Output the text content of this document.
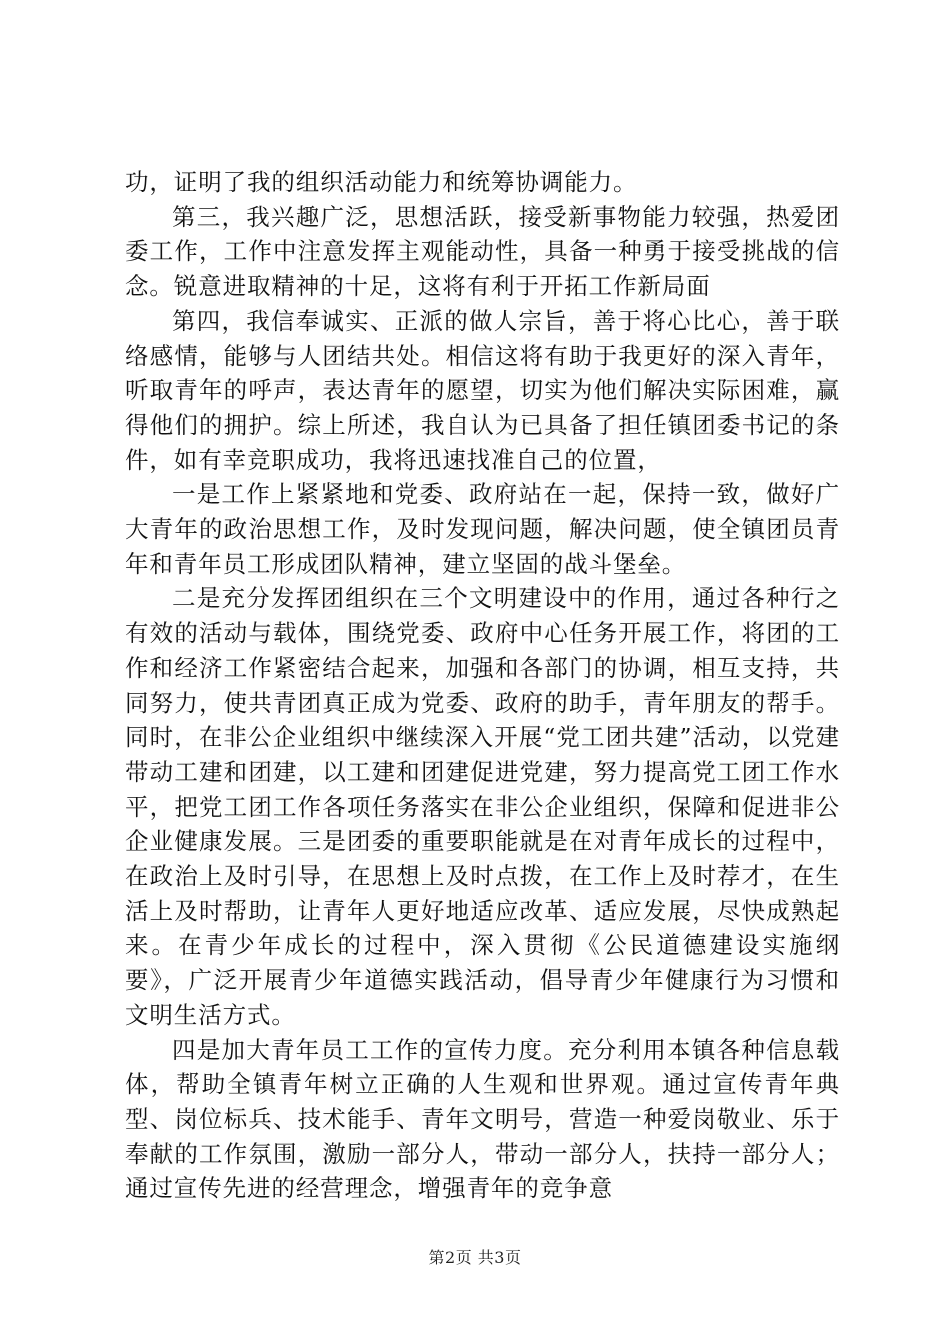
功，证明了我的组织活动能力和统筹协调能力。

第三，我兴趣广泛，思想活跃，接受新事物能力较强，热爱团委工作，工作中注意发挥主观能动性，具备一种勇于接受挑战的信念。锐意进取精神的十足，这将有利于开拓工作新局面

第四，我信奉诚实、正派的做人宗旨，善于将心比心，善于联络感情，能够与人团结共处。相信这将有助于我更好的深入青年，听取青年的呼声，表达青年的愿望，切实为他们解决实际困难，赢得他们的拥护。综上所述，我自认为已具备了担任镇团委书记的条件，如有幸竞职成功，我将迅速找准自己的位置，

一是工作上紧紧地和党委、政府站在一起，保持一致，做好广大青年的政治思想工作，及时发现问题，解决问题，使全镇团员青年和青年员工形成团队精神，建立坚固的战斗堡垒。

二是充分发挥团组织在三个文明建设中的作用，通过各种行之有效的活动与载体，围绕党委、政府中心任务开展工作，将团的工作和经济工作紧密结合起来，加强和各部门的协调，相互支持，共同努力，使共青团真正成为党委、政府的助手，青年朋友的帮手。同时，在非公企业组织中继续深入开展“党工团共建”活动，以党建带动工建和团建，以工建和团建促进党建，努力提高党工团工作水平，把党工团工作各项任务落实在非公企业组织，保障和促进非公企业健康发展。三是团委的重要职能就是在对青年成长的过程中，在政治上及时引导，在思想上及时点拨，在工作上及时荐才，在生活上及时帮助，让青年人更好地适应改革、适应发展，尽快成熟起来。在青少年成长的过程中，深入贯彻《公民道德建设实施纲要》，广泛开展青少年道德实践活动，倡导青少年健康行为习惯和文明生活方式。

四是加大青年员工工作的宣传力度。充分利用本镇各种信息载体，帮助全镇青年树立正确的人生观和世界观。通过宣传青年典型、岗位标兵、技术能手、青年文明号，营造一种爱岗敬业、乐于奉献的工作氛围，激励一部分人，带动一部分人，扶持一部分人；通过宣传先进的经营理念，增强青年的竞争意

第2页 共3页
